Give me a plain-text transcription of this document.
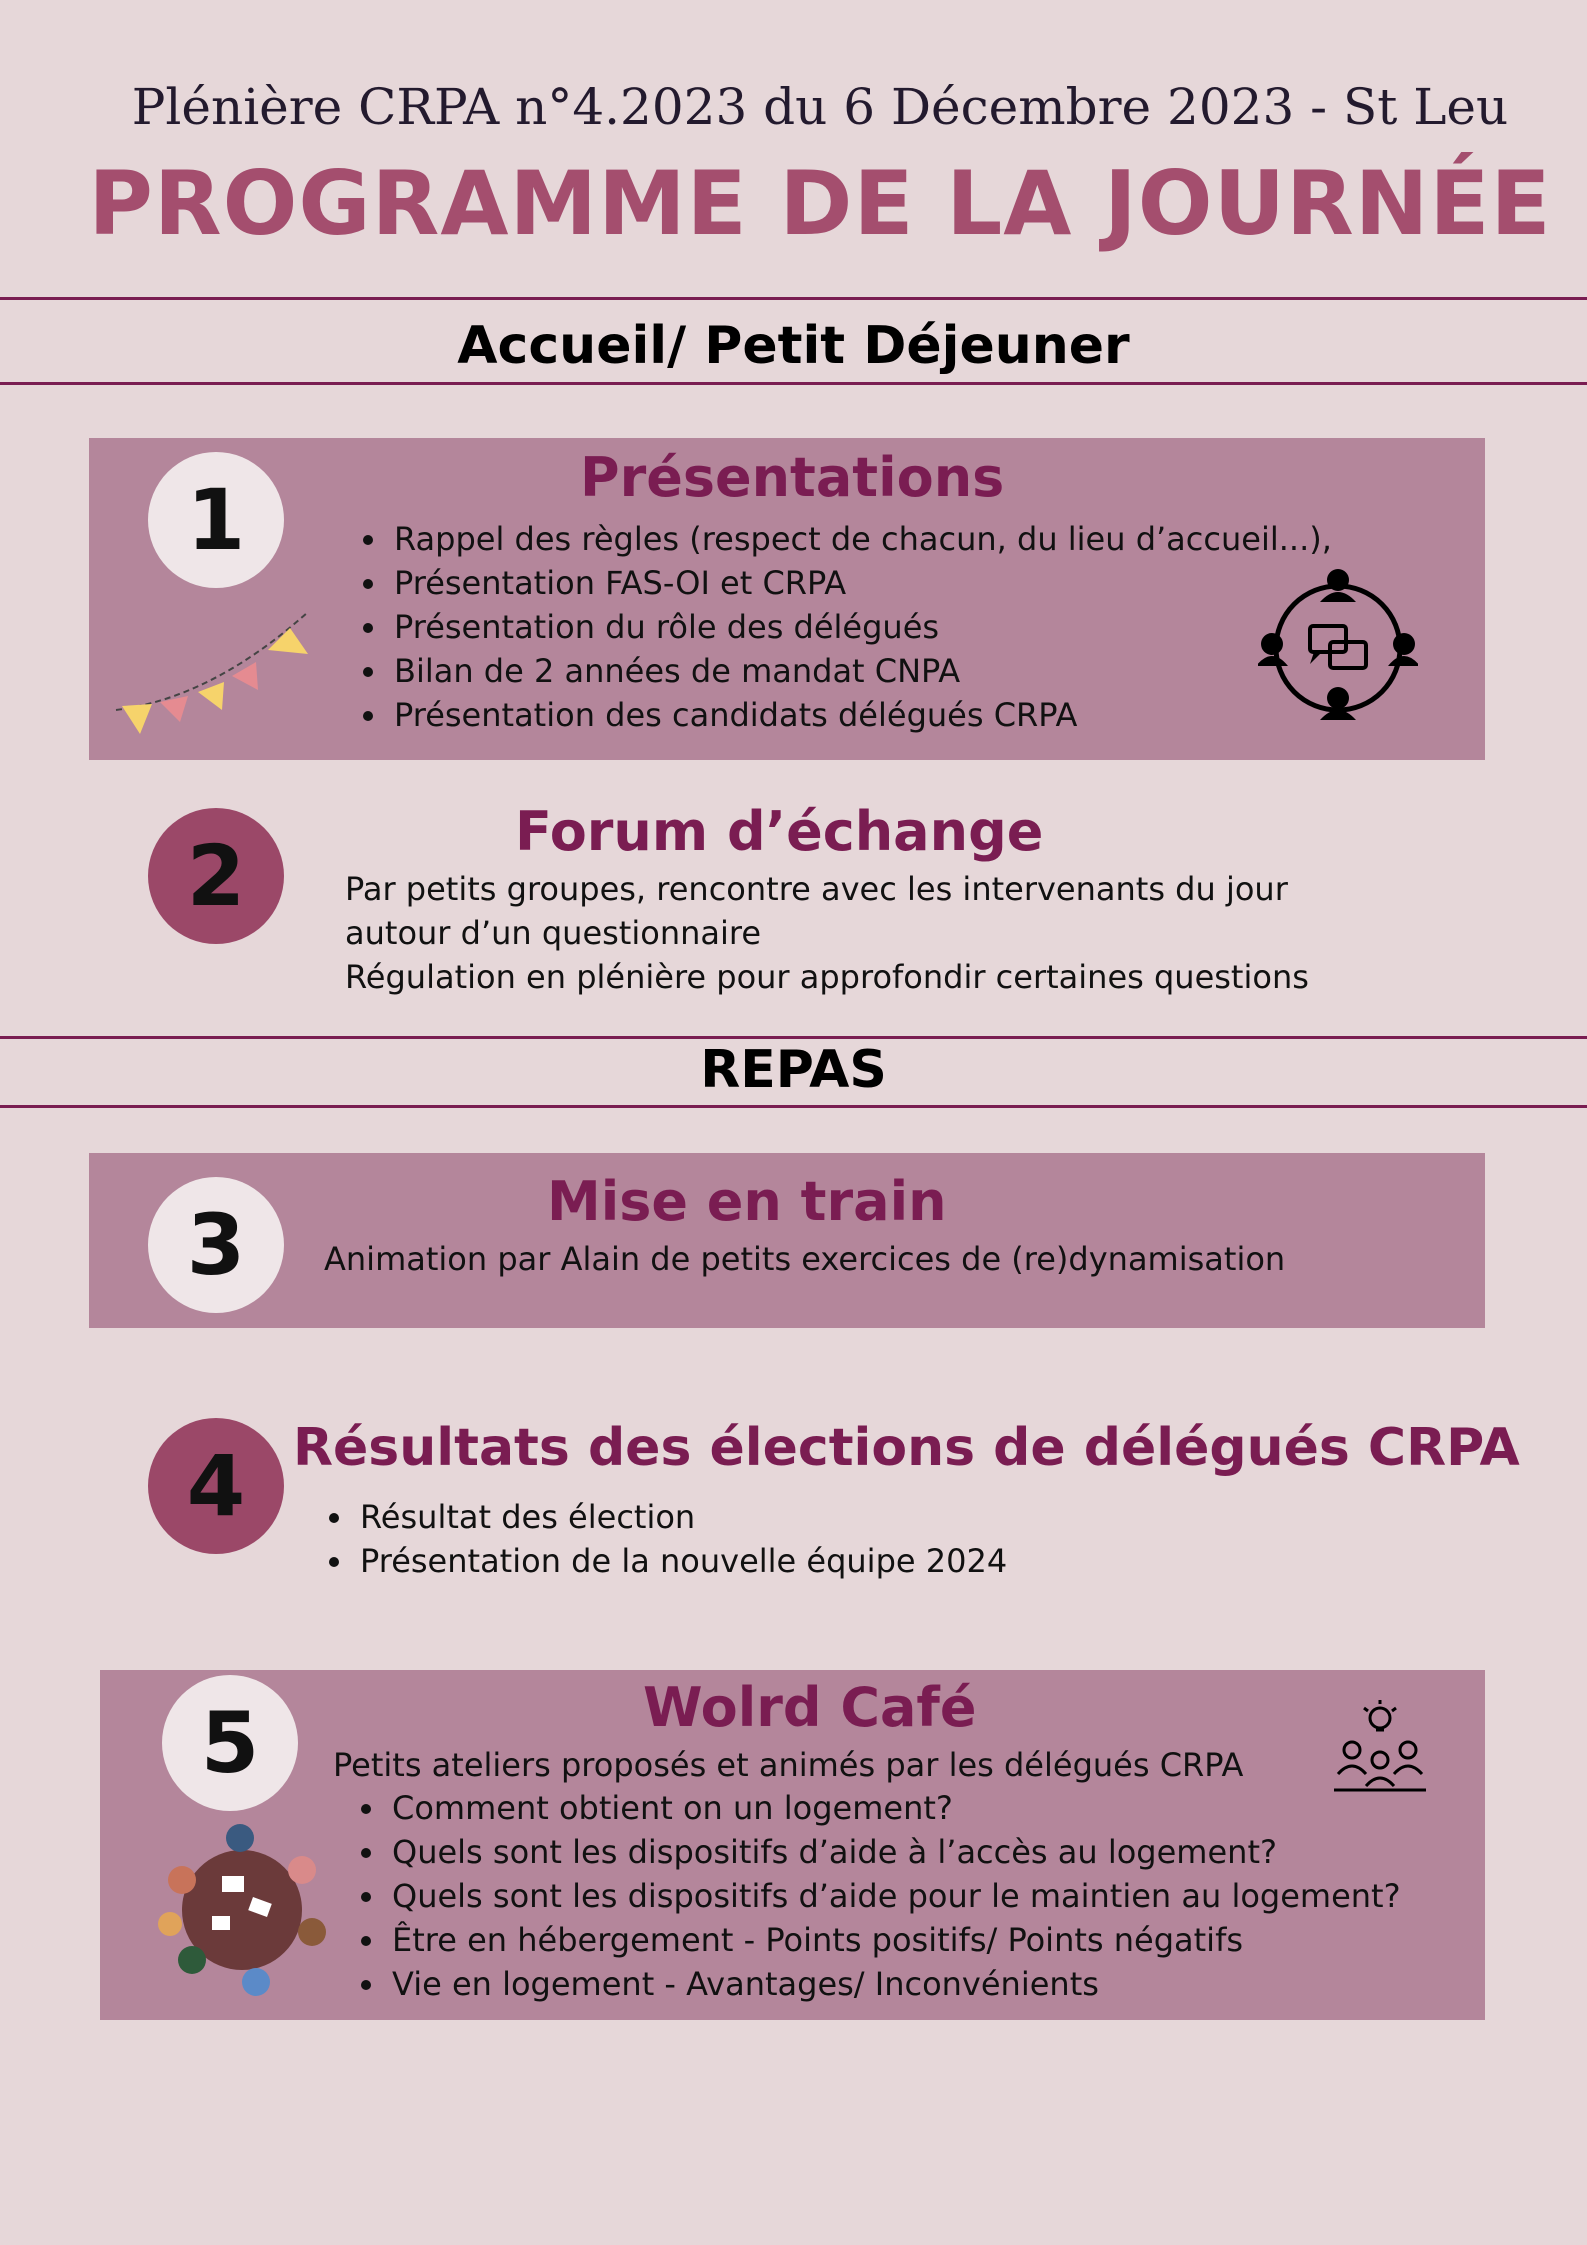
Plénière CRPA n°4.2023 du 6 Décembre 2023 - St Leu
PROGRAMME DE LA JOURNÉE
Accueil/ Petit Déjeuner
1	Présentations
• Rappel des règles (respect de chacun, du lieu d’accueil...),
• Présentation FAS-OI et CRPA
• Présentation du rôle des délégués
• Bilan de 2 années de mandat CNPA
• Présentation des candidats délégués CRPA
2	Forum d’échange
Par petits groupes, rencontre avec les intervenants du jour
autour d’un questionnaire
Régulation en plénière pour approfondir certaines questions
REPAS
3	Mise en train
Animation par Alain de petits exercices de (re)dynamisation
4 Résultats des élections de délégués CRPA
• Résultat des élection
• Présentation de la nouvelle équipe 2024
5	Wolrd Café
Petits ateliers proposés et animés par les délégués CRPA
• Comment obtient on un logement?
• Quels sont les dispositifs d’aide à l’accès au logement?
• Quels sont les dispositifs d’aide pour le maintien au logement?
• Être en hébergement - Points positifs/ Points négatifs
• Vie en logement - Avantages/ Inconvénients
